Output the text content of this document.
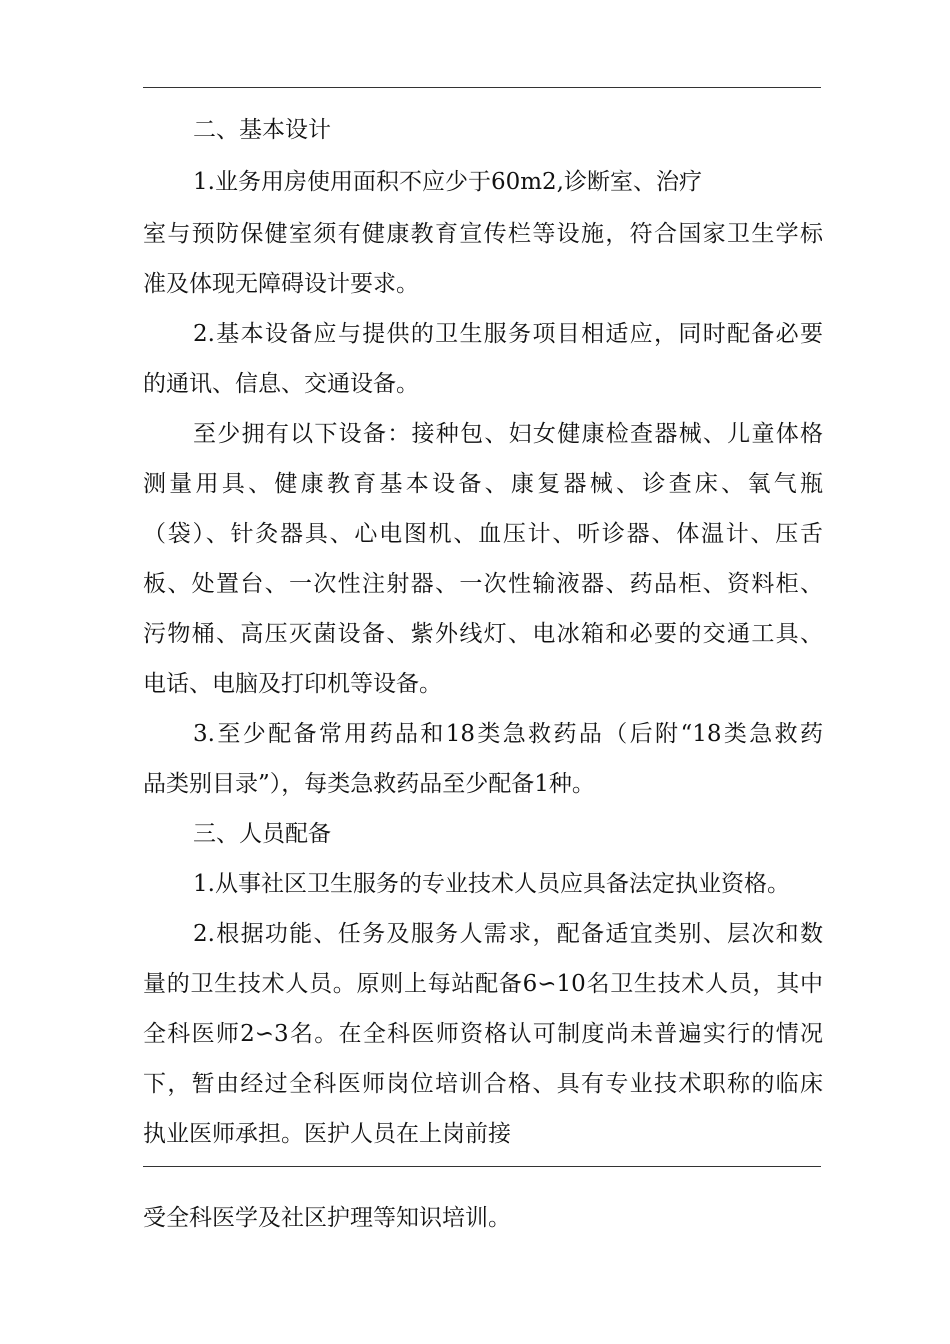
二、基本设计
1.业务用房使用面积不应少于60m2,诊断室、治疗
室与预防保健室须有健康教育宣传栏等设施，符合国家卫生学标
准及体现无障碍设计要求。
2.基本设备应与提供的卫生服务项目相适应，同时配备必要
的通讯、信息、交通设备。
至少拥有以下设备：接种包、妇女健康检查器械、儿童体格
测量用具、健康教育基本设备、康复器械、诊查床、氧气瓶
（袋）、针灸器具、心电图机、血压计、听诊器、体温计、压舌
板、处置台、一次性注射器、一次性输液器、药品柜、资料柜、
污物桶、高压灭菌设备、紫外线灯、电冰箱和必要的交通工具、
电话、电脑及打印机等设备。
3.至少配备常用药品和18类急救药品（后附“18类急救药
品类别目录”），每类急救药品至少配备1种。
三、人员配备
1.从事社区卫生服务的专业技术人员应具备法定执业资格。
2.根据功能、任务及服务人需求，配备适宜类别、层次和数
量的卫生技术人员。原则上每站配备6∽10名卫生技术人员，其中
全科医师2∽3名。在全科医师资格认可制度尚未普遍实行的情况
下，暂由经过全科医师岗位培训合格、具有专业技术职称的临床
执业医师承担。医护人员在上岗前接
受全科医学及社区护理等知识培训。
